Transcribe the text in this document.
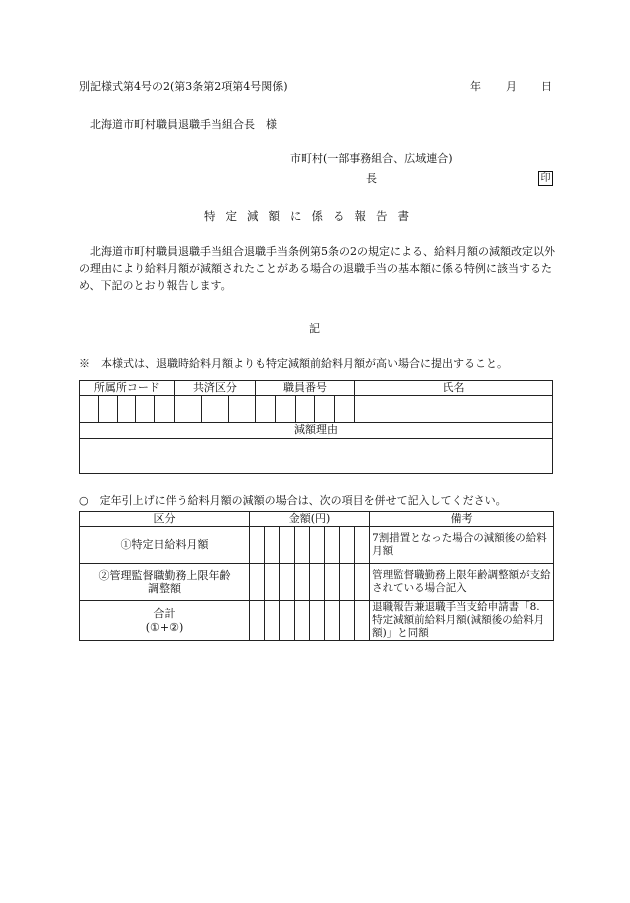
別記様式第4号の2(第3条第2項第4号関係)	年 月 日
北海道市町村職員退職手当組合長　様
市町村(一部事務組合、広域連合)
長	印
特定減額に係る報告書
北海道市町村職員退職手当組合退職手当条例第5条の2の規定による、給料月額の減額改定以外の理由により給料月額が減額されたことがある場合の退職手当の基本額に係る特例に該当するため、下記のとおり報告します。
記
※　本様式は、退職時給料月額よりも特定減額前給料月額が高い場合に提出すること。
所属所コード					共済区分			職員番号					氏名

減額理由													

○　定年引上げに伴う給料月額の減額の場合は、次の項目を併せて記入してください。
区分	金額(円)								備考
①特定日給料月額									7割措置となった場合の減額後の給料月額
②管理監督職勤務上限年齢調整額									管理監督職勤務上限年齢調整額が支給されている場合記入
合計
(①+②)									退職報告兼退職手当支給申請書「8. 特定減額前給料月額(減額後の給料月額)」と同額
